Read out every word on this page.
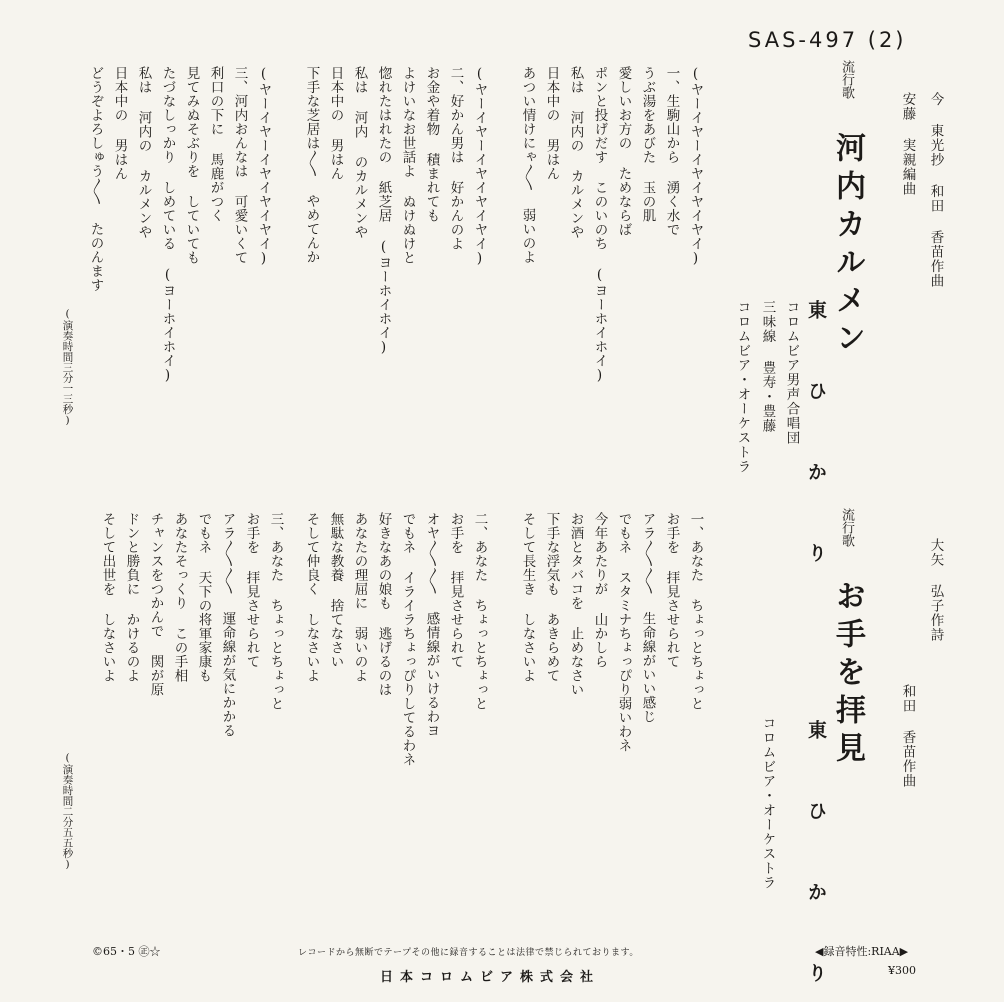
SAS-497 (2)
流行歌
河内カルメン
東 ひ か り
今 東光抄 和田 香苗作曲
安藤 実親編曲
コロムビア男声合唱団
三味線 豊寿・豊藤
コロムビア・オーケストラ
(ヤーイヤーイヤイヤイヤイ)
一、生駒山から 湧く水で
うぶ湯をあびた 玉の肌
愛しいお方の ためならば
ポンと投げだす このいのち (ヨーホイホイ)
私は 河内の カルメンや
日本中の 男はん
あつい情けにゃ〱 弱いのよ
(ヤーイヤーイヤイヤイヤイ)
二、好かん男は 好かんのよ
お金や着物 積まれても
よけいなお世話よ ぬけぬけと
惚れたはれたの 紙芝居 (ヨーホイホイ)
私は 河内 のカルメンや
日本中の 男はん
下手な芝居は〱 やめてんか
(ヤーイヤーイヤイヤイヤイ)
三、河内おんなは 可愛いくて
利口の下に 馬鹿がつく
見てみぬそぶりを していても
たづなしっかり しめている (ヨーホイホイ)
私は 河内の カルメンや
日本中の 男はん
どうぞよろしゅう〱 たのんます
(演奏時間三分一三秒)
流行歌
お手を拝見
東 ひ か り
大矢 弘子作詩
和田 香苗作曲
コロムビア・オーケストラ
一、あなた ちょっとちょっと
お手を 拝見させられて
アラ〱〱 生命線がいい感じ
でもネ スタミナちょっぴり弱いわネ
今年あたりが 山かしら
お酒とタバコを 止めなさい
下手な浮気も あきらめて
そして長生き しなさいよ
二、あなた ちょっとちょっと
お手を 拝見させられて
オヤ〱〱 感情線がいけるわヨ
でもネ イライラちょっぴりしてるわネ
好きなあの娘も 逃げるのは
あなたの理屈に 弱いのよ
無駄な教養 捨てなさい
そして仲良く しなさいよ
三、あなた ちょっとちょっと
お手を 拝見させられて
アラ〱〱 運命線が気にかかる
でもネ 天下の将軍家康も
あなたそっくり この手相
チャンスをつかんで 関が原
ドンと勝負に かけるのよ
そして出世を しなさいよ
(演奏時間二分五五秒)
©65・5 ㊣☆	レコードから無断でテープその他に録音することは法律で禁じられております。	◀録音特性:RIAA▶
¥300
日本コロムビア株式会社
